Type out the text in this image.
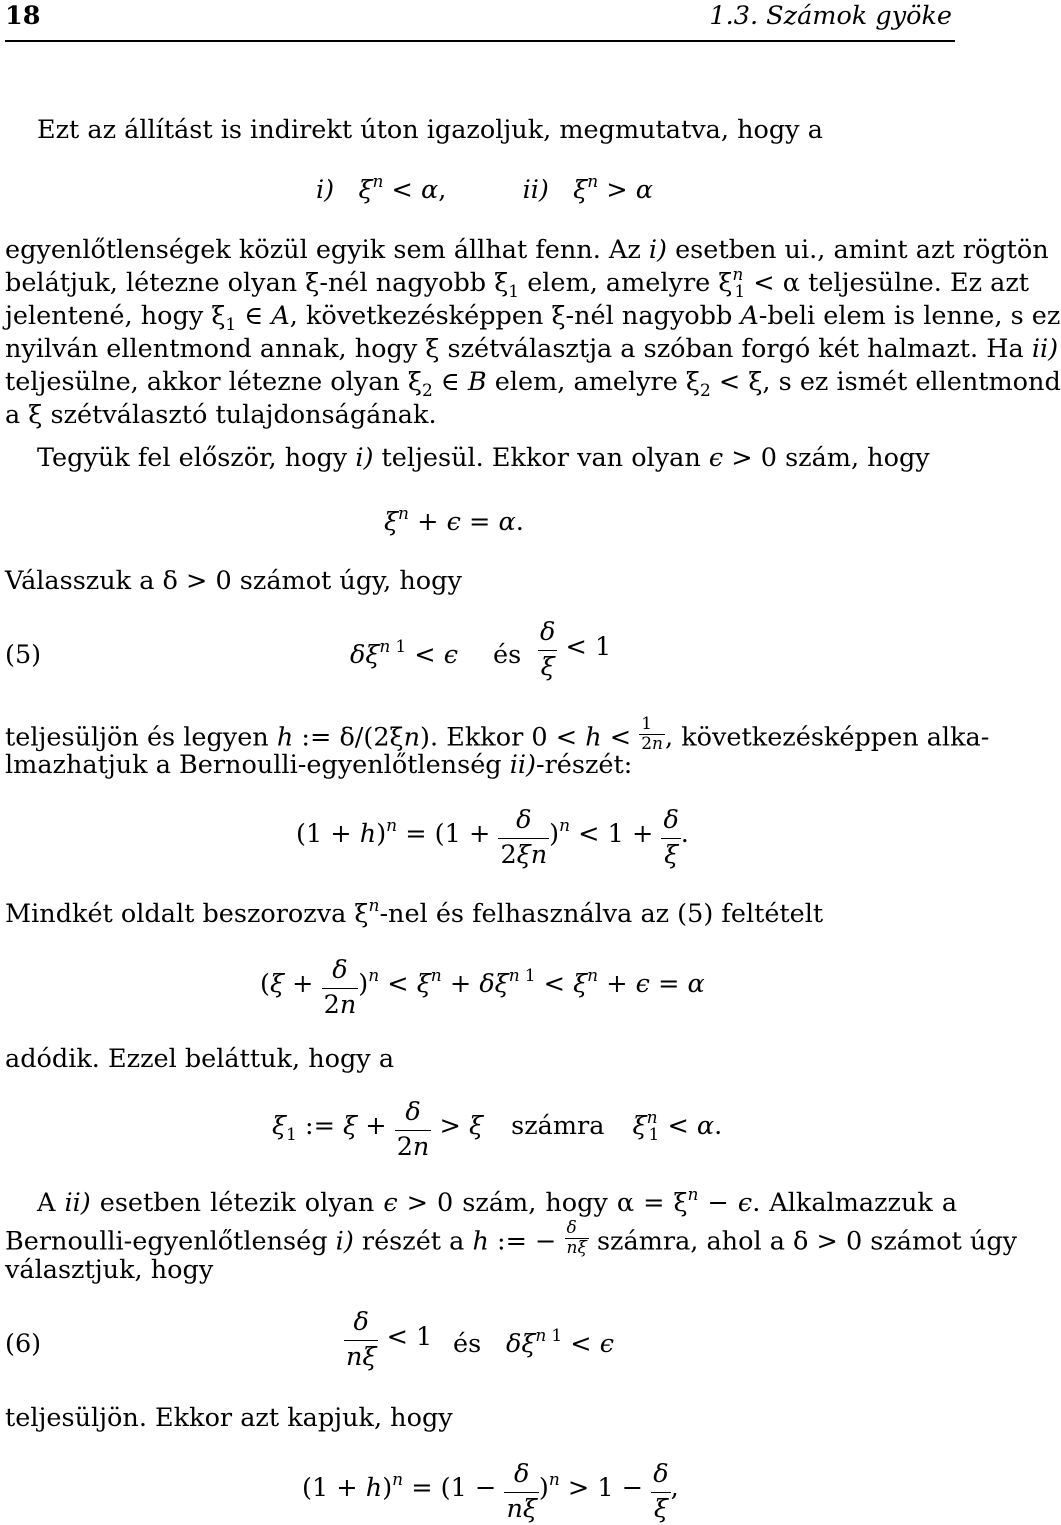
18	1.3. Számok gyöke
Ezt az állítást is indirekt úton igazoljuk, megmutatva, hogy a
i) $\xi^n < \alpha$,	ii) $\xi^n > \alpha$
egyenlőtlenségek közül egyik sem állhat fenn. Az i) esetben ui., amint azt rögtön
belátjuk, létezne olyan ξ-nél nagyobb $\xi_1$ elem, amelyre $\xi^n_1 < \alpha$ teljesülne. Ez azt
jelentené, hogy $\xi_1$ ∈ A, következésképpen ξ-nél nagyobb A-beli elem is lenne, s ez
nyilván ellentmond annak, hogy ξ szétválasztja a szóban forgó két halmazt. Ha ii)
teljesülne, akkor létezne olyan $\xi_2$ ∈ B elem, amelyre $\xi_2 < \xi$, s ez ismét ellentmond
a ξ szétválasztó tulajdonságának.
Tegyük fel először, hogy i) teljesül. Ekkor van olyan ϵ > 0 szám, hogy
$\xi^n + \epsilon = \alpha$.
Válasszuk a δ > 0 számot úgy, hogy
(5)	$\delta\xi^n$ $^1$ < ϵ és $\frac{\delta}{\xi} < 1$
teljesüljön és legyen h := δ/(2ξn). Ekkor $0 < h < \frac{1}{2n}$ , következésképpen alka-
lmazhatjuk a Bernoulli-egyenlőtlenség ii)-részét:
$(1 + h)^n = (1 + \frac{\delta}{2\xi n} )^n < 1 + \frac{\delta}{\xi}$ .
Mindkét oldalt beszorozva $\xi^n$-nel és felhasználva az (5) feltételt
$(\xi + \frac{\delta}{2n} )^n < \xi^n + \delta\xi^n$ $^1 < \xi^n + \epsilon = \alpha$
adódik. Ezzel beláttuk, hogy a
$\xi_1$ := $\xi + \frac{\delta}{2n} > \xi$ számra $\xi^n_1 < \alpha$.
A ii) esetben létezik olyan ϵ > 0 szám, hogy $\alpha = \xi^n - \epsilon$. Alkalmazzuk a
Bernoulli-egyenlőtlenség i) részét a h := − $\frac{\delta}{n\xi}$ számra, ahol a δ > 0 számot úgy
választjuk, hogy
(6)	$\frac{\delta}{n\xi} < 1$ és $\delta\xi^n$ $^1$ < ϵ
teljesüljön. Ekkor azt kapjuk, hogy
$(1 + h)^n = (1 - \frac{\delta}{n\xi} )^n > 1 - \frac{\delta}{\xi}$ ,
